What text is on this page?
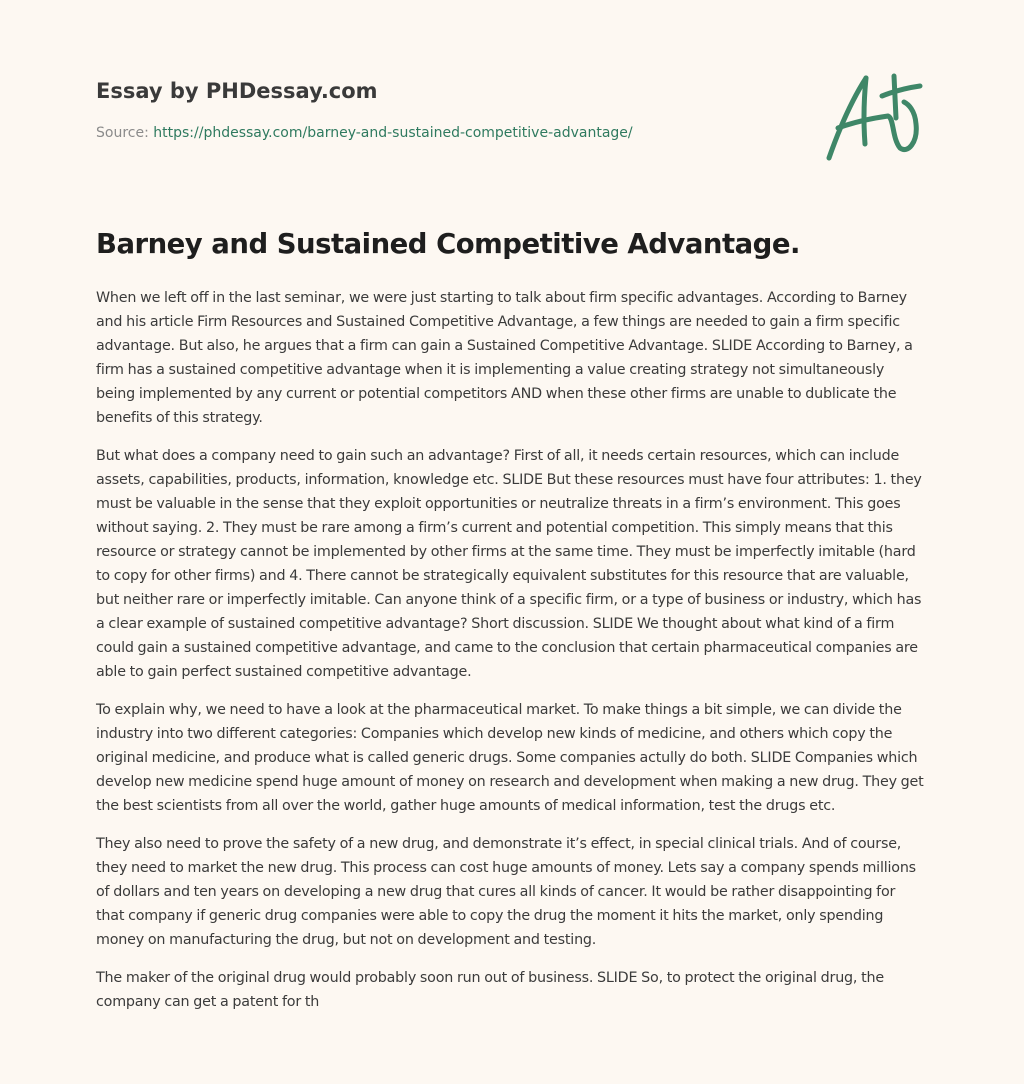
Essay by PHDessay.com
Source: https://phdessay.com/barney-and-sustained-competitive-advantage/
Barney and Sustained Competitive Advantage.

When we left off in the last seminar, we were just starting to talk about firm specific advantages. According to Barney and his article Firm Resources and Sustained Competitive Advantage, a few things are needed to gain a firm specific advantage. But also, he argues that a firm can gain a Sustained Competitive Advantage. SLIDE According to Barney, a firm has a sustained competitive advantage when it is implementing a value creating strategy not simultaneously being implemented by any current or potential competitors AND when these other firms are unable to dublicate the benefits of this strategy.

But what does a company need to gain such an advantage? First of all, it needs certain resources, which can include assets, capabilities, products, information, knowledge etc. SLIDE But these resources must have four attributes: 1. they must be valuable in the sense that they exploit opportunities or neutralize threats in a firm’s environment. This goes without saying. 2. They must be rare among a firm’s current and potential competition. This simply means that this resource or strategy cannot be implemented by other firms at the same time. They must be imperfectly imitable (hard to copy for other firms) and 4. There cannot be strategically equivalent substitutes for this resource that are valuable, but neither rare or imperfectly imitable. Can anyone think of a specific firm, or a type of business or industry, which has a clear example of sustained competitive advantage? Short discussion. SLIDE We thought about what kind of a firm could gain a sustained competitive advantage, and came to the conclusion that certain pharmaceutical companies are able to gain perfect sustained competitive advantage.

To explain why, we need to have a look at the pharmaceutical market. To make things a bit simple, we can divide the industry into two different categories: Companies which develop new kinds of medicine, and others which copy the original medicine, and produce what is called generic drugs. Some companies actully do both. SLIDE Companies which develop new medicine spend huge amount of money on research and development when making a new drug. They get the best scientists from all over the world, gather huge amounts of medical information, test the drugs etc.

They also need to prove the safety of a new drug, and demonstrate it’s effect, in special clinical trials. And of course, they need to market the new drug. This process can cost huge amounts of money. Lets say a company spends millions of dollars and ten years on developing a new drug that cures all kinds of cancer. It would be rather disappointing for that company if generic drug companies were able to copy the drug the moment it hits the market, only spending money on manufacturing the drug, but not on development and testing.

The maker of the original drug would probably soon run out of business. SLIDE So, to protect the original drug, the company can get a patent for th
